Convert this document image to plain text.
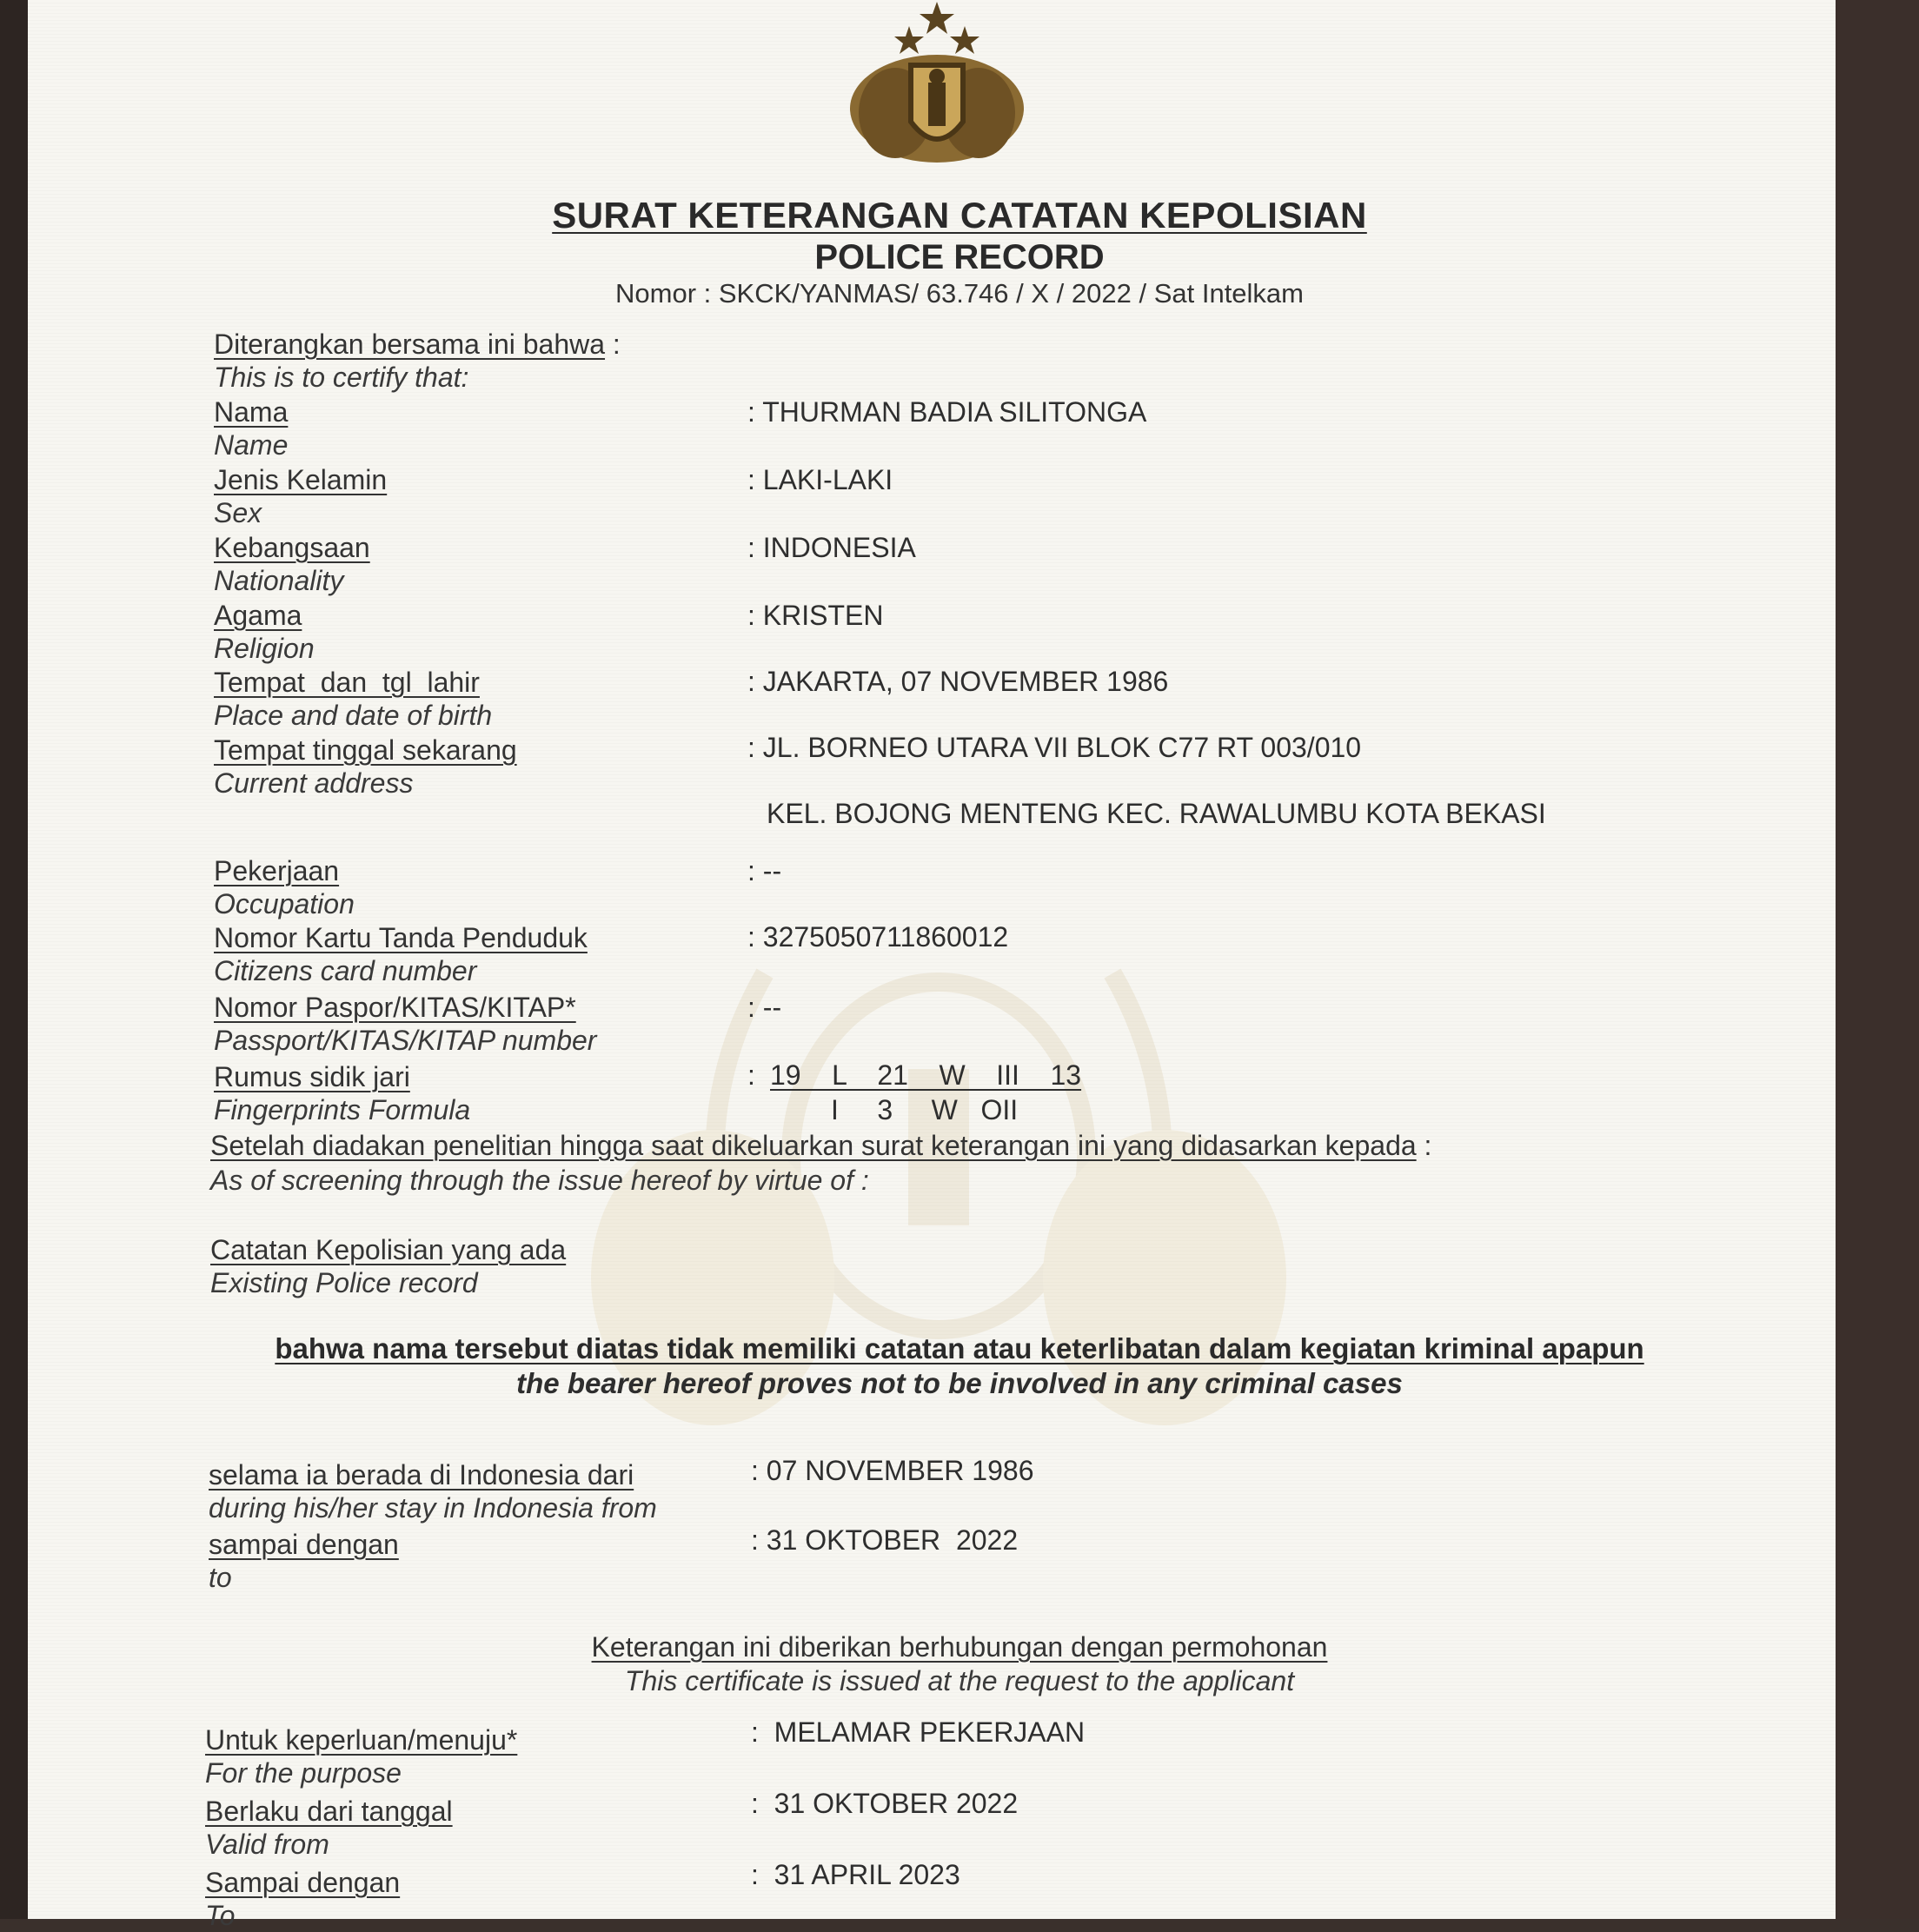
SURAT KETERANGAN CATATAN KEPOLISIAN
POLICE RECORD
Nomor : SKCK/YANMAS/ 63.746 / X / 2022 / Sat Intelkam
Diterangkan bersama ini bahwa :
This is to certify that:
Nama
Name
: THURMAN BADIA SILITONGA
Jenis Kelamin
Sex
: LAKI-LAKI
Kebangsaan
Nationality
: INDONESIA
Agama
Religion
: KRISTEN
Tempat  dan  tgl  lahir
Place and date of birth
: JAKARTA, 07 NOVEMBER 1986
Tempat tinggal sekarang
Current address
: JL. BORNEO UTARA VII BLOK C77 RT 003/010
KEL. BOJONG MENTENG KEC. RAWALUMBU KOTA BEKASI
Pekerjaan
Occupation
: --
Nomor Kartu Tanda Penduduk
Citizens card number
: 3275050711860012
Nomor Paspor/KITAS/KITAP*
Passport/KITAS/KITAP number
: --
Rumus sidik jari
Fingerprints Formula
: 19    L    21    W    III    13
I     3     W   OII
Setelah diadakan penelitian hingga saat dikeluarkan surat keterangan ini yang didasarkan kepada :
As of screening through the issue hereof by virtue of :
Catatan Kepolisian yang ada
Existing Police record
bahwa nama tersebut diatas tidak memiliki catatan atau keterlibatan dalam kegiatan kriminal apapun
the bearer hereof proves not to be involved in any criminal cases
selama ia berada di Indonesia dari
during his/her stay in Indonesia from
: 07 NOVEMBER 1986
sampai dengan
to
: 31 OKTOBER  2022
Keterangan ini diberikan berhubungan dengan permohonan
This certificate is issued at the request to the applicant
Untuk keperluan/menuju*
For the purpose
:  MELAMAR PEKERJAAN
Berlaku dari tanggal
Valid from
:  31 OKTOBER 2022
Sampai dengan
To
:  31 APRIL 2023
